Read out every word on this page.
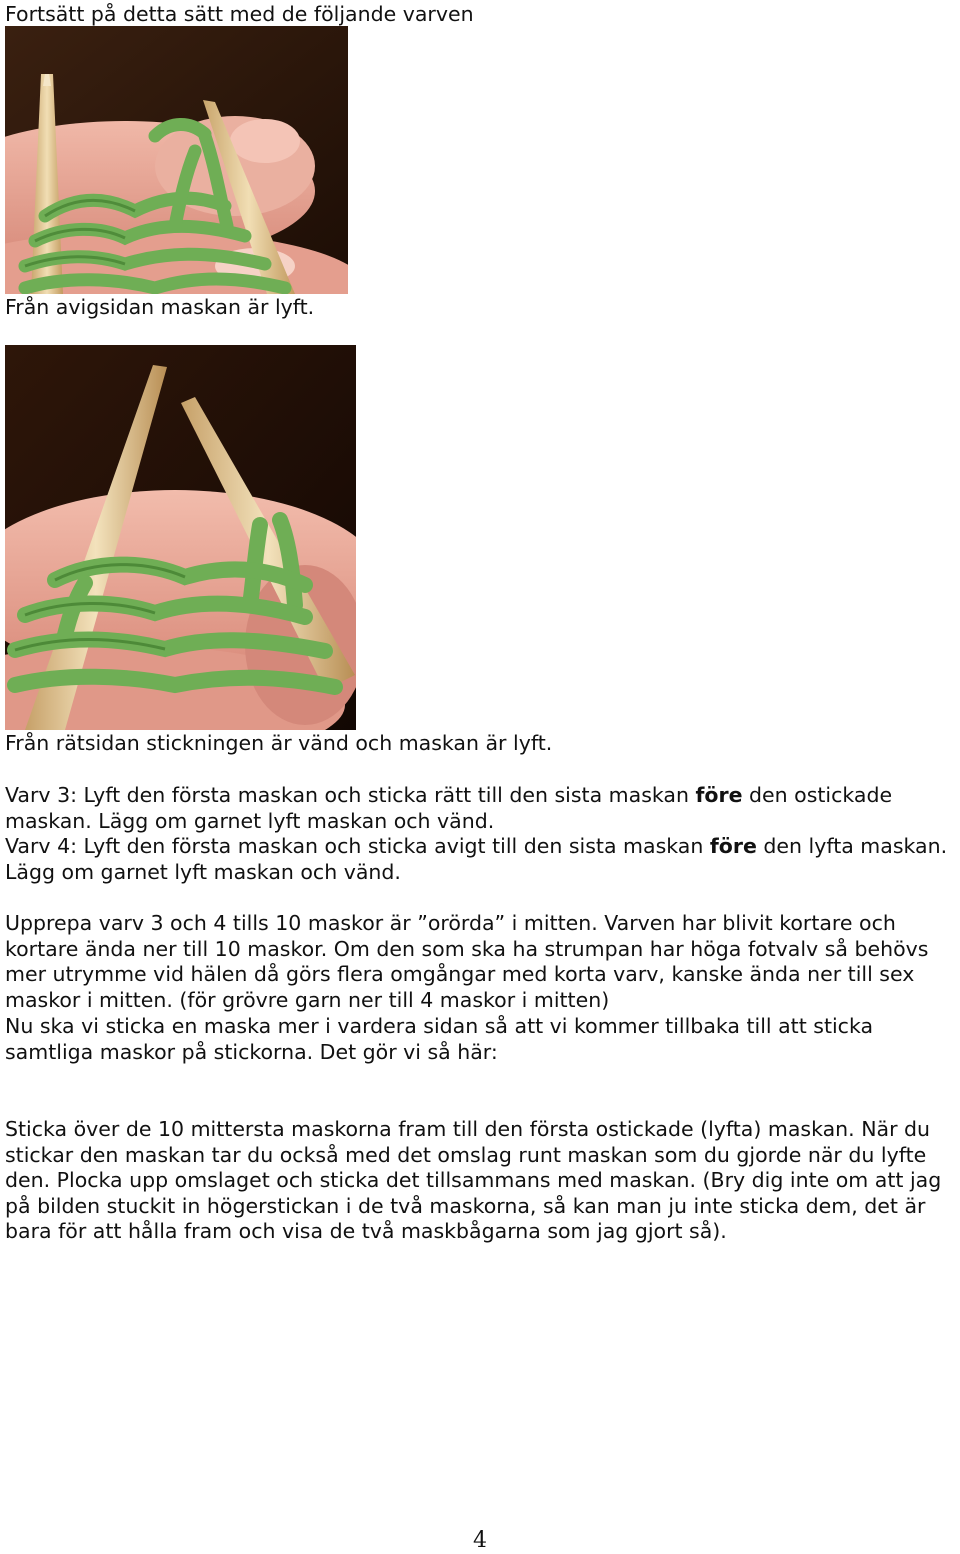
Fortsätt på detta sätt med de följande varven
Från avigsidan maskan är lyft.
Från rätsidan stickningen är vänd och maskan är lyft.
Varv 3: Lyft den första maskan och sticka rätt till den sista maskan före den ostickade maskan. Lägg om garnet lyft maskan och vänd.
Varv 4: Lyft den första maskan och sticka avigt till den sista maskan före den lyfta maskan. Lägg om garnet lyft maskan och vänd.
Upprepa varv 3 och 4 tills 10 maskor är ”orörda” i mitten. Varven har blivit kortare och kortare ända ner till 10 maskor. Om den som ska ha strumpan har höga fotvalv så behövs mer utrymme vid hälen då görs flera omgångar med korta varv, kanske ända ner till sex maskor i mitten. (för grövre garn ner till 4 maskor i mitten)
Nu ska vi sticka en maska mer i vardera sidan så att vi kommer tillbaka till att sticka samtliga maskor på stickorna. Det gör vi så här:
Sticka över de 10 mittersta maskorna fram till den första ostickade (lyfta) maskan. När du stickar den maskan tar du också med det omslag runt maskan som du gjorde när du lyfte den. Plocka upp omslaget och sticka det tillsammans med maskan. (Bry dig inte om att jag på bilden stuckit in högerstickan i de två maskorna, så kan man ju inte sticka dem, det är bara för att hålla fram och visa de två maskbågarna som jag gjort så).
4
